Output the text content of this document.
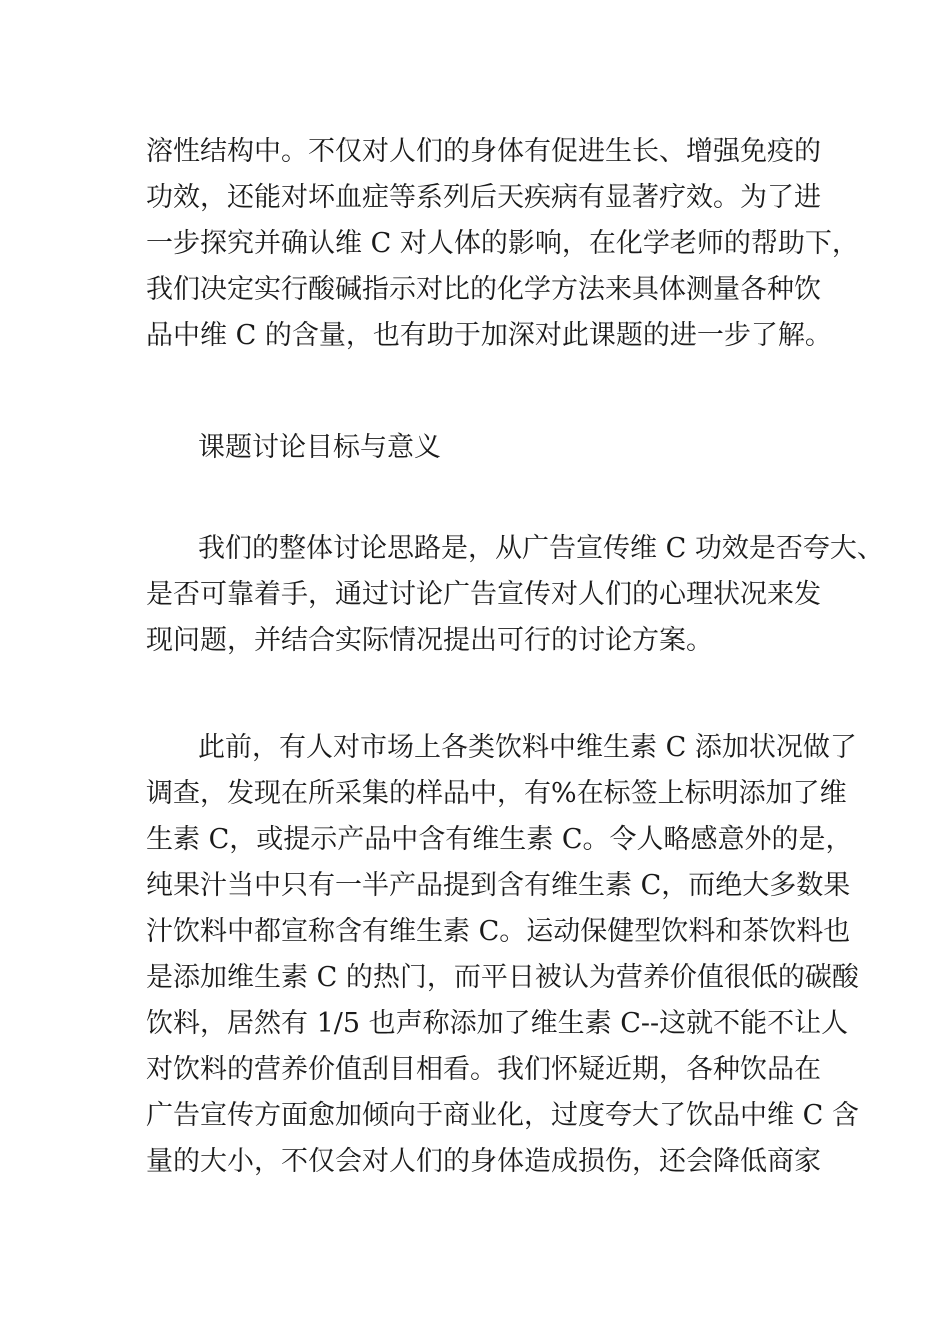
溶性结构中。不仅对人们的身体有促进生长、增强免疫的
功效，还能对坏血症等系列后天疾病有显著疗效。为了进
一步探究并确认维 C 对人体的影响，在化学老师的帮助下，
我们决定实行酸碱指示对比的化学方法来具体测量各种饮
品中维 C 的含量，也有助于加深对此课题的进一步了解。
课题讨论目标与意义
我们的整体讨论思路是，从广告宣传维 C 功效是否夸大、
是否可靠着手，通过讨论广告宣传对人们的心理状况来发
现问题，并结合实际情况提出可行的讨论方案。
此前，有人对市场上各类饮料中维生素 C 添加状况做了
调查，发现在所采集的样品中，有%在标签上标明添加了维
生素 C，或提示产品中含有维生素 C。令人略感意外的是，
纯果汁当中只有一半产品提到含有维生素 C，而绝大多数果
汁饮料中都宣称含有维生素 C。运动保健型饮料和茶饮料也
是添加维生素 C 的热门，而平日被认为营养价值很低的碳酸
饮料，居然有 1/5 也声称添加了维生素 C--这就不能不让人
对饮料的营养价值刮目相看。我们怀疑近期，各种饮品在
广告宣传方面愈加倾向于商业化，过度夸大了饮品中维 C 含
量的大小，不仅会对人们的身体造成损伤，还会降低商家
